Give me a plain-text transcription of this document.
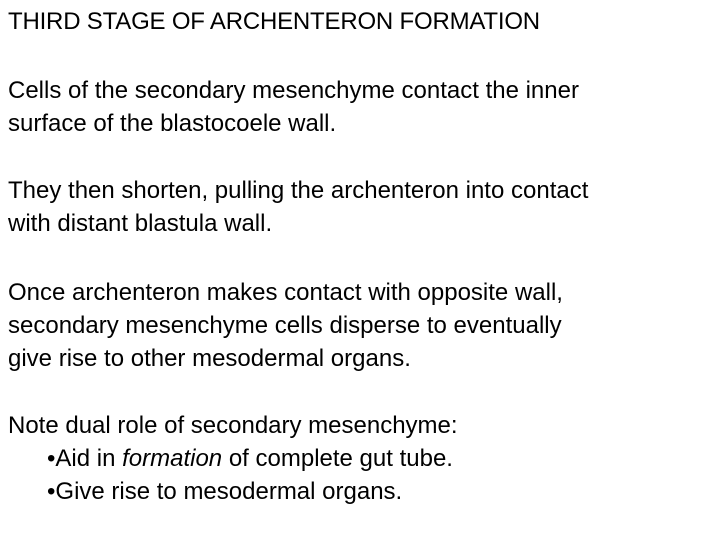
THIRD STAGE OF ARCHENTERON FORMATION
Cells of the secondary mesenchyme contact the inner
surface of the blastocoele wall.
They then shorten, pulling the archenteron into contact
with distant blastula wall.
Once archenteron makes contact with opposite wall,
secondary mesenchyme cells disperse to eventually
give rise to other mesodermal organs.
Note dual role of secondary mesenchyme:
•Aid in formation of complete gut tube.
•Give rise to mesodermal organs.
